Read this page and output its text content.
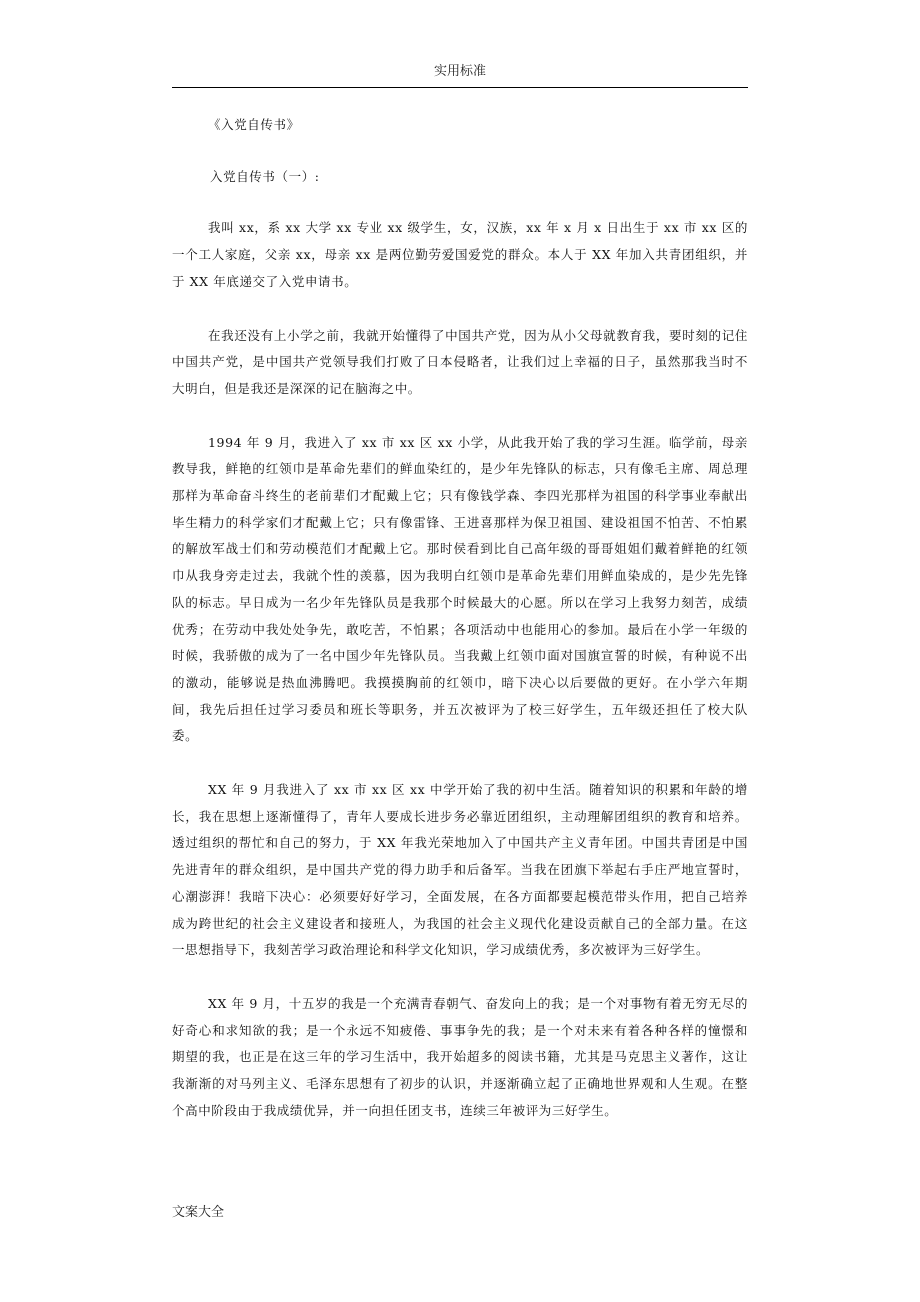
实用标准
《入党自传书》
入党自传书（一）:

我叫 xx，系 xx 大学 xx 专业 xx 级学生，女，汉族，xx 年 x 月 x 日出生于 xx 市 xx 区的一个工人家庭，父亲 xx，母亲 xx 是两位勤劳爱国爱党的群众。本人于 XX 年加入共青团组织，并于 XX 年底递交了入党申请书。

在我还没有上小学之前，我就开始懂得了中国共产党，因为从小父母就教育我，要时刻的记住中国共产党，是中国共产党领导我们打败了日本侵略者，让我们过上幸福的日子，虽然那我当时不大明白，但是我还是深深的记在脑海之中。

1994 年 9 月，我进入了 xx 市 xx 区 xx 小学，从此我开始了我的学习生涯。临学前，母亲教导我，鲜艳的红领巾是革命先辈们的鲜血染红的，是少年先锋队的标志，只有像毛主席、周总理那样为革命奋斗终生的老前辈们才配戴上它；只有像钱学森、李四光那样为祖国的科学事业奉献出毕生精力的科学家们才配戴上它；只有像雷锋、王进喜那样为保卫祖国、建设祖国不怕苦、不怕累的解放军战士们和劳动模范们才配戴上它。那时侯看到比自己高年级的哥哥姐姐们戴着鲜艳的红领巾从我身旁走过去，我就个性的羡慕，因为我明白红领巾是革命先辈们用鲜血染成的，是少先先锋队的标志。早日成为一名少年先锋队员是我那个时候最大的心愿。所以在学习上我努力刻苦，成绩优秀；在劳动中我处处争先，敢吃苦，不怕累；各项活动中也能用心的参加。最后在小学一年级的时候，我骄傲的成为了一名中国少年先锋队员。当我戴上红领巾面对国旗宣誓的时候，有种说不出的激动，能够说是热血沸腾吧。我摸摸胸前的红领巾，暗下决心以后要做的更好。在小学六年期间，我先后担任过学习委员和班长等职务，并五次被评为了校三好学生，五年级还担任了校大队委。

XX 年 9 月我进入了 xx 市 xx 区 xx 中学开始了我的初中生活。随着知识的积累和年龄的增长，我在思想上逐渐懂得了，青年人要成长进步务必靠近团组织，主动理解团组织的教育和培养。透过组织的帮忙和自己的努力，于 XX 年我光荣地加入了中国共产主义青年团。中国共青团是中国先进青年的群众组织，是中国共产党的得力助手和后备军。当我在团旗下举起右手庄严地宣誓时，心潮澎湃！我暗下决心：必须要好好学习，全面发展，在各方面都要起模范带头作用，把自己培养成为跨世纪的社会主义建设者和接班人，为我国的社会主义现代化建设贡献自己的全部力量。在这一思想指导下，我刻苦学习政治理论和科学文化知识，学习成绩优秀，多次被评为三好学生。

XX 年 9 月，十五岁的我是一个充满青春朝气、奋发向上的我；是一个对事物有着无穷无尽的好奇心和求知欲的我；是一个永远不知疲倦、事事争先的我；是一个对未来有着各种各样的憧憬和期望的我，也正是在这三年的学习生活中，我开始超多的阅读书籍，尤其是马克思主义著作，这让我渐渐的对马列主义、毛泽东思想有了初步的认识，并逐渐确立起了正确地世界观和人生观。在整个高中阶段由于我成绩优异，并一向担任团支书，连续三年被评为三好学生。

文案大全
